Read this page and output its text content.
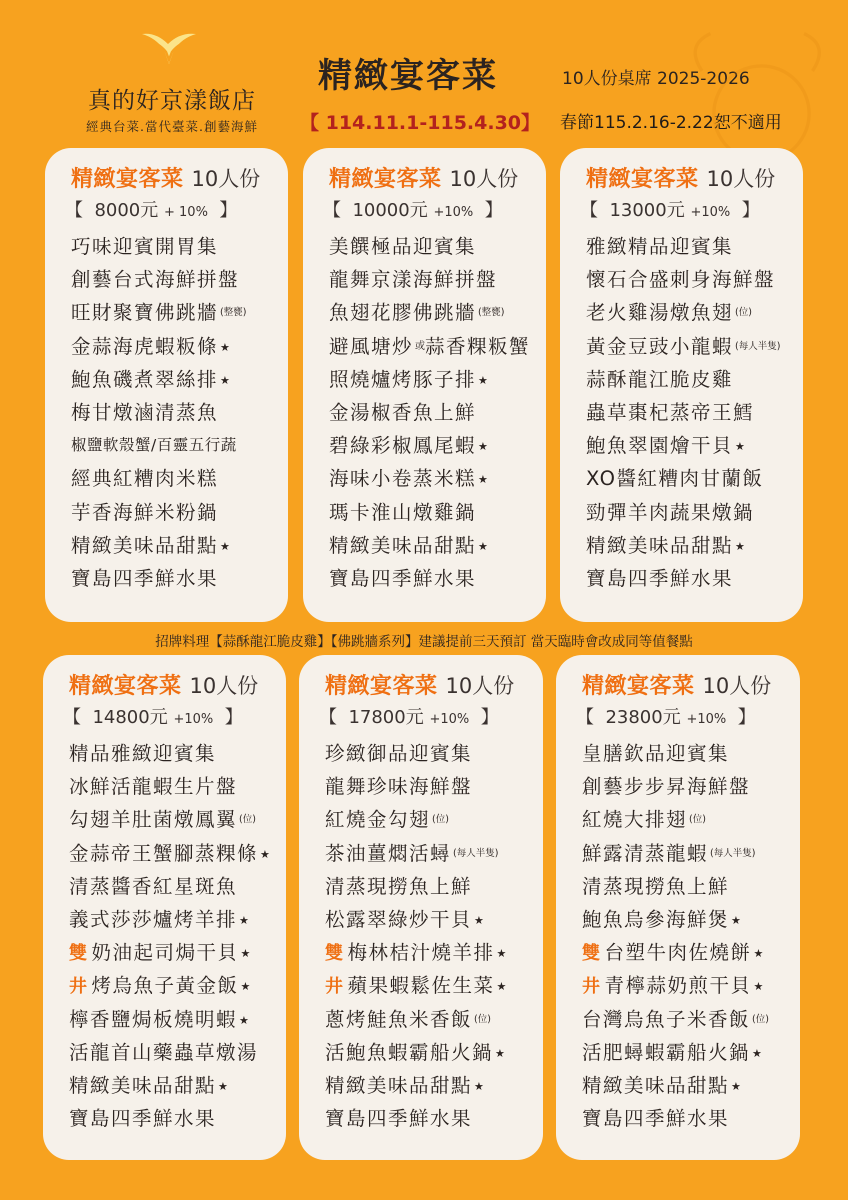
真的好京漾飯店
經典台菜.當代臺菜.創藝海鮮
精緻宴客菜	10人份桌席 2025-2026
【 114.11.1-115.4.30】 春節115.2.16-2.22恕不適用
精緻宴客菜 10人份
【  8000元 + 10%  】
巧味迎賓開胃集
創藝台式海鮮拼盤
旺財聚寶佛跳牆 $^{(整甕)}$
金蒜海虎蝦粄條 ★
鮑魚磯煮翠絲排 ★
梅甘燉滷清蒸魚
椒鹽軟殼蟹/百靈五行蔬
經典紅糟肉米糕
芋香海鮮米粉鍋
精緻美味品甜點 ★
寶島四季鮮水果
精緻宴客菜 10人份
【  10000元 +10%  】
美饌極品迎賓集
龍舞京漾海鮮拼盤
魚翅花膠佛跳牆 $^{(整甕)}$
避風塘炒 $^或$蒜香粿粄蟹
照燒爐烤豚子排 ★
金湯椒香魚上鮮
碧綠彩椒鳳尾蝦 ★
海味小卷蒸米糕 ★
瑪卡淮山燉雞鍋
精緻美味品甜點 ★
寶島四季鮮水果
精緻宴客菜 10人份
【  13000元 +10%  】
雅緻精品迎賓集
懷石合盛刺身海鮮盤
老火雞湯燉魚翅 $^{(位)}$
黃金豆豉小龍蝦 $^{(每人半隻)}$
蒜酥龍江脆皮雞
蟲草棗杞蒸帝王鱈
鮑魚翠園燴干貝 ★
XO醬紅糟肉甘蘭飯
勁彈羊肉蔬果燉鍋
精緻美味品甜點 ★
寶島四季鮮水果
精緻宴客菜 10人份
【  14800元 +10%  】
精品雅緻迎賓集
冰鮮活龍蝦生片盤
勾翅羊肚菌燉鳳翼 $^{(位)}$
金蒜帝王蟹腳蒸粿條 ★
清蒸醬香紅星斑魚
義式莎莎爐烤羊排 ★
雙 奶油起司焗干貝 ★
井 烤烏魚子黃金飯 ★
檸香鹽焗板燒明蝦 ★
活龍首山藥蟲草燉湯
精緻美味品甜點 ★
寶島四季鮮水果
精緻宴客菜 10人份
【  17800元 +10%  】
珍緻御品迎賓集
龍舞珍味海鮮盤
紅燒金勾翅 $^{(位)}$
茶油薑燜活蟳 $^{(每人半隻)}$
清蒸現撈魚上鮮
松露翠綠炒干貝 ★
雙 梅林桔汁燒羊排 ★
井 蘋果蝦鬆佐生菜 ★
蔥烤鮭魚米香飯 $^{(位)}$
活鮑魚蝦霸船火鍋 ★
精緻美味品甜點 ★
寶島四季鮮水果
精緻宴客菜 10人份
【  23800元 +10%  】
皇膳欽品迎賓集
創藝步步昇海鮮盤
紅燒大排翅 $^{(位)}$
鮮露清蒸龍蝦 $^{(每人半隻)}$
清蒸現撈魚上鮮
鮑魚烏參海鮮煲 ★
雙 台塑牛肉佐燒餅 ★
井 青檸蒜奶煎干貝 ★
台灣烏魚子米香飯 $^{(位)}$
活肥蟳蝦霸船火鍋 ★
精緻美味品甜點 ★
寶島四季鮮水果
招牌料理【蒜酥龍江脆皮雞】【佛跳牆系列】建議提前三天預訂 當天臨時會改成同等值餐點
